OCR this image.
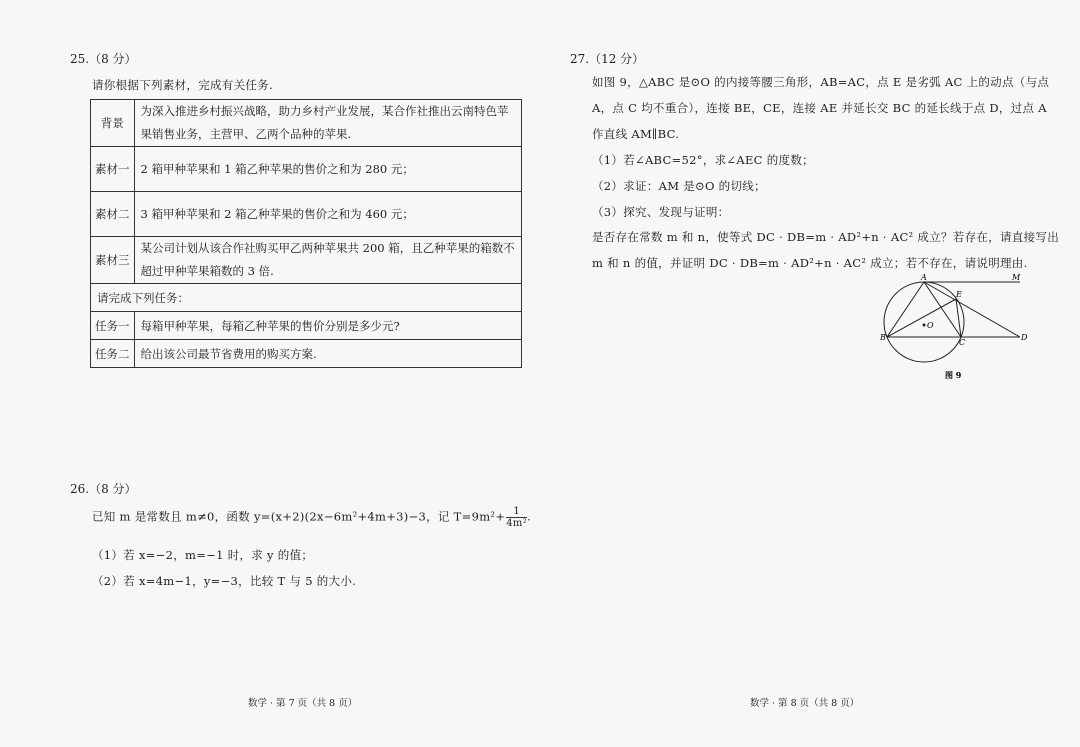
25.（8 分）
请你根据下列素材，完成有关任务.
背景	为深入推进乡村振兴战略，助力乡村产业发展，某合作社推出云南特色苹
果销售业务，主营甲、乙两个品种的苹果.

素材一	2 箱甲种苹果和 1 箱乙种苹果的售价之和为 280 元；
素材二	3 箱甲种苹果和 2 箱乙种苹果的售价之和为 460 元；
素材三	某公司计划从该合作社购买甲乙两种苹果共 200 箱，且乙种苹果的箱数不
超过甲种苹果箱数的 3 倍.

请完成下列任务：	
任务一	每箱甲种苹果，每箱乙种苹果的售价分别是多少元?
任务二	给出该公司最节省费用的购买方案.
26.（8 分）
已知 m 是常数且 m≠0，函数 y=(x+2)(2x−6m²+4m+3)−3，记 $T=9m^2+ \frac{1}{\text{4m²}}$ .
（1）若 x=−2，m=−1 时，求 y 的值；
（2）若 x=4m−1，y=−3，比较 T 与 5 的大小.
数学 · 第 7 页（共 8 页）
27.（12 分）
如图 9，△ABC 是⊙O 的内接等腰三角形，AB=AC，点 E 是劣弧 AC 上的动点（与点
A，点 C 均不重合），连接 BE，CE，连接 AE 并延长交 BC 的延长线于点 D，过点 A
作直线 AM∥BC.
（1）若∠ABC=52°，求∠AEC 的度数；
（2）求证：AM 是⊙O 的切线；
（3）探究、发现与证明：
是否存在常数 m 和 n，使等式 DC · DB=m · AD²+n · AC² 成立？若存在，请直接写出
m 和 n 的值，并证明 DC · DB=m · AD²+n · AC² 成立；若不存在，请说明理由.
A	M
E
O
B
C
D
图 9
数学 · 第 8 页（共 8 页）
